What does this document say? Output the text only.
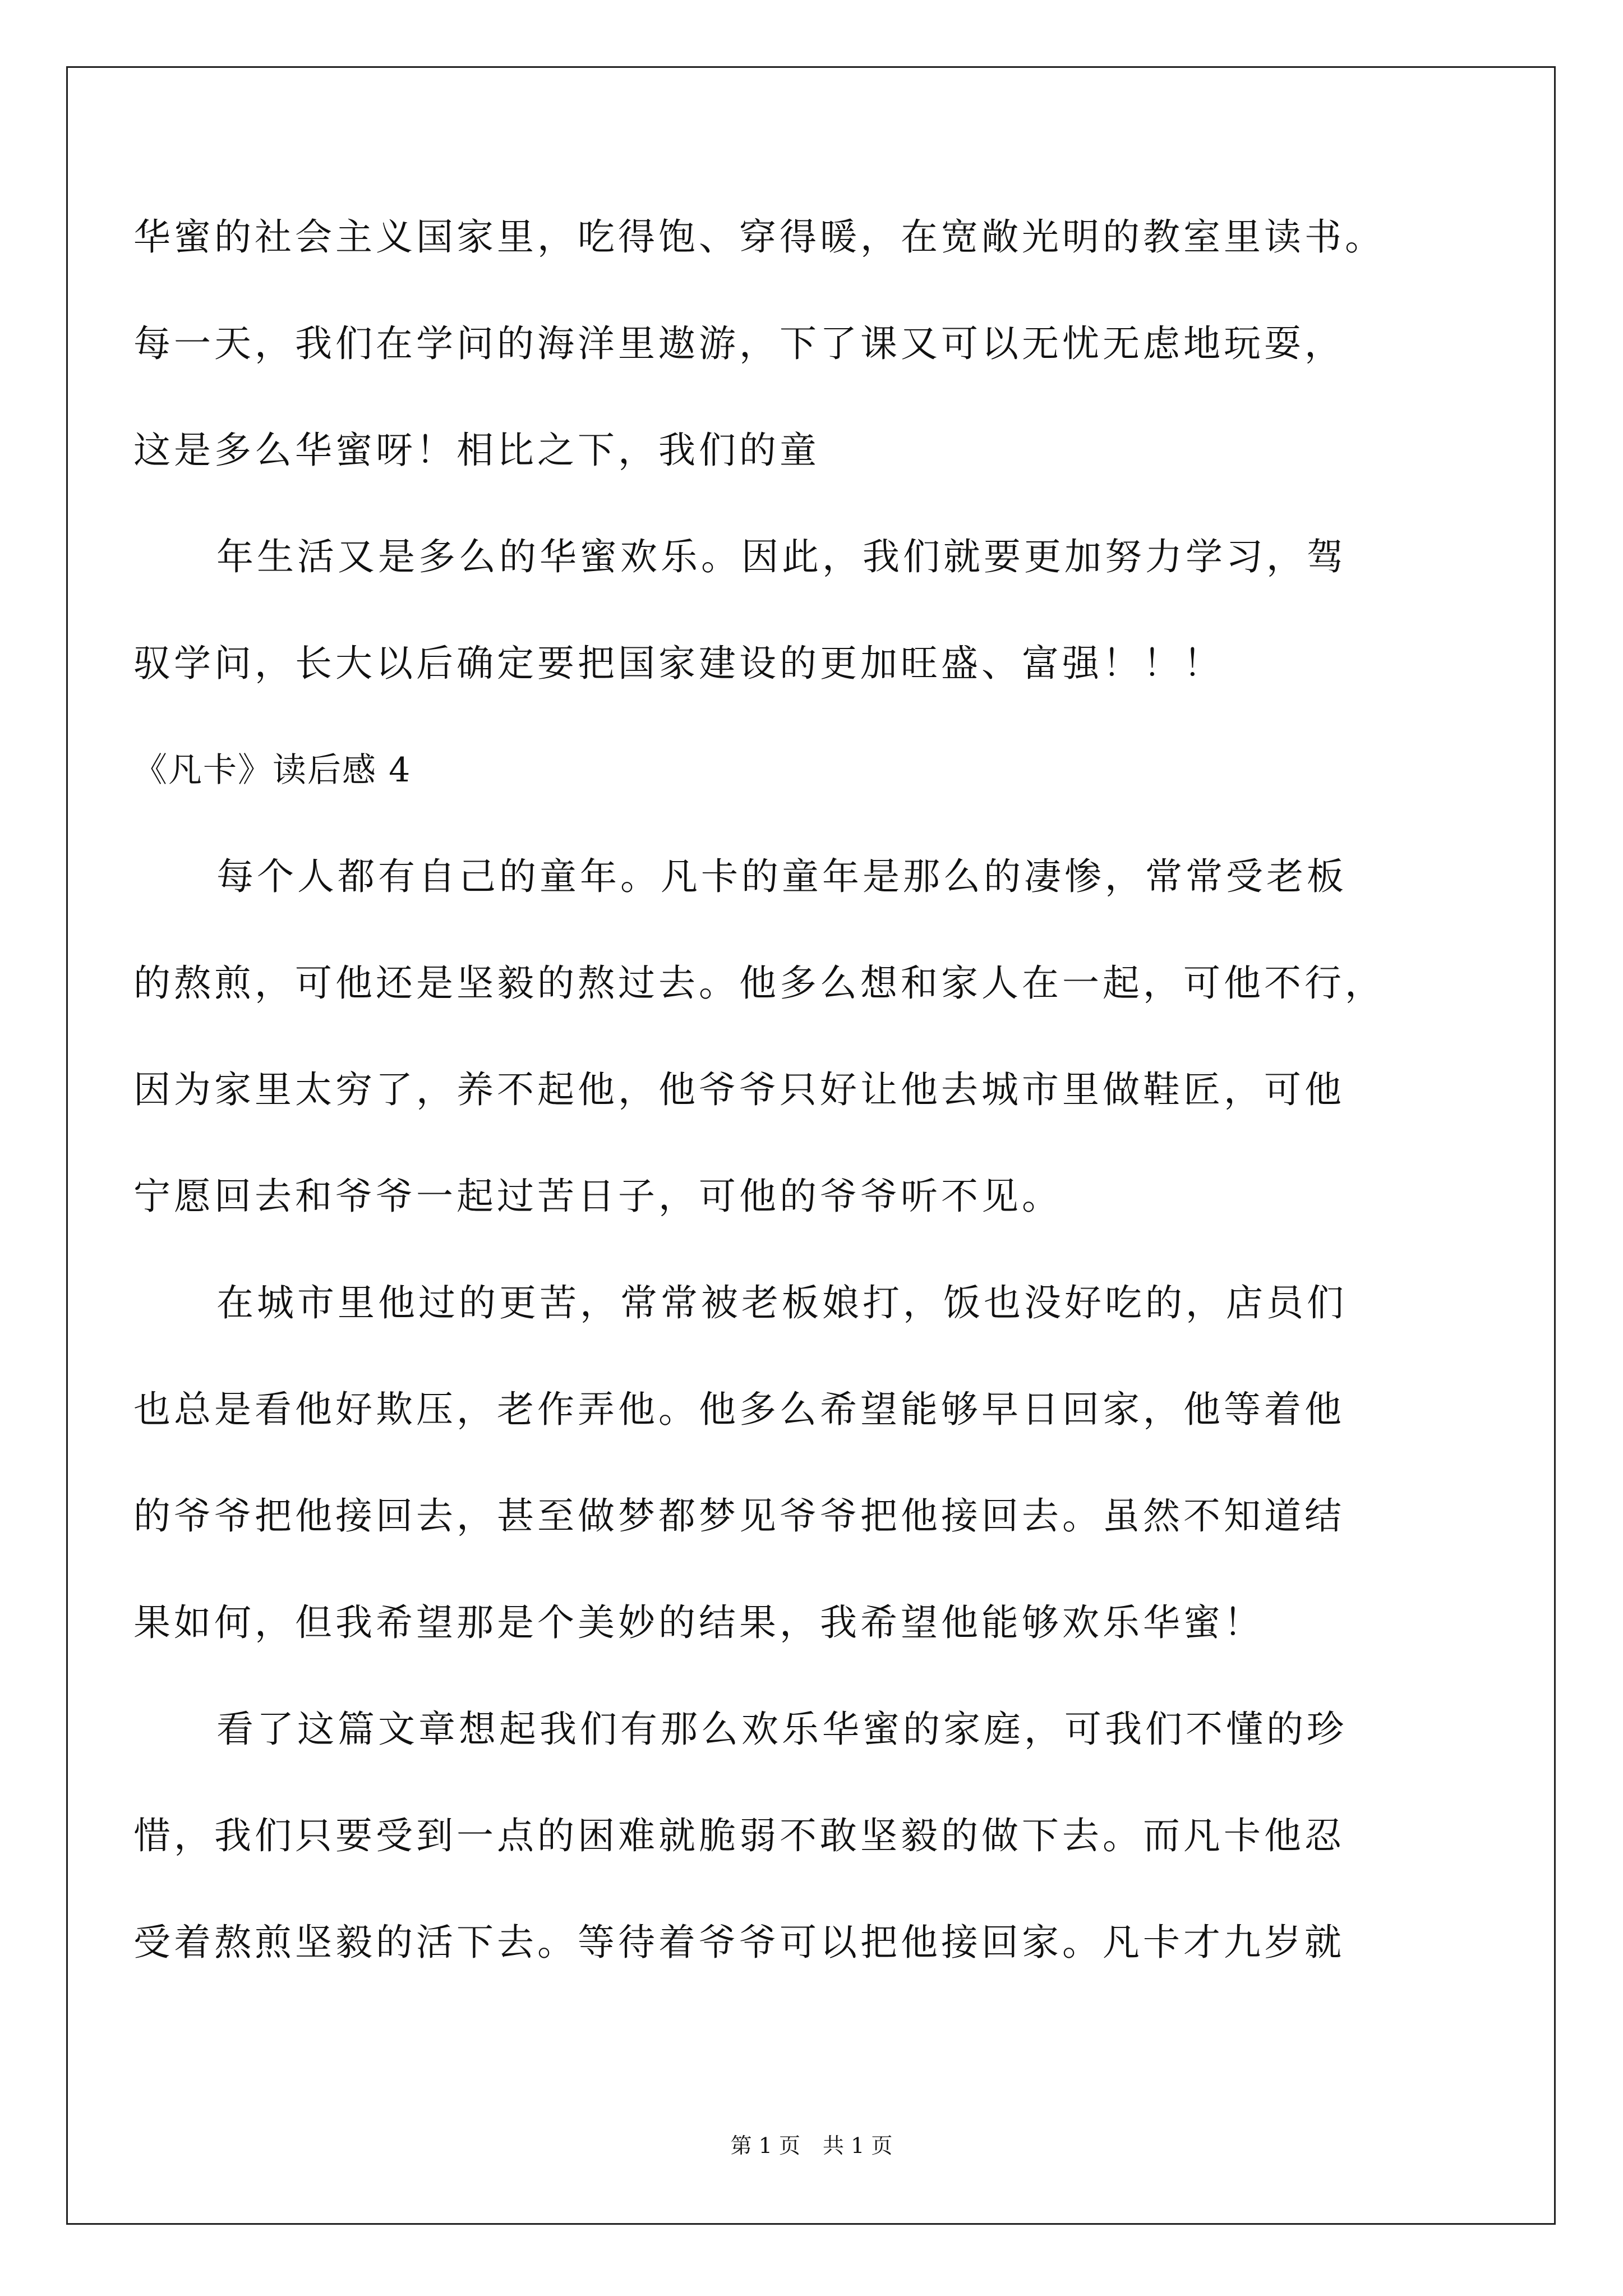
华蜜的社会主义国家里，吃得饱、穿得暖，在宽敞光明的教室里读书。
每一天，我们在学问的海洋里遨游，下了课又可以无忧无虑地玩耍，
这是多么华蜜呀！相比之下，我们的童
年生活又是多么的华蜜欢乐。因此，我们就要更加努力学习，驾
驭学问，长大以后确定要把国家建设的更加旺盛、富强！！！
《凡卡》读后感 4
每个人都有自己的童年。凡卡的童年是那么的凄惨，常常受老板
的熬煎，可他还是坚毅的熬过去。他多么想和家人在一起，可他不行，
因为家里太穷了，养不起他，他爷爷只好让他去城市里做鞋匠，可他
宁愿回去和爷爷一起过苦日子，可他的爷爷听不见。
在城市里他过的更苦，常常被老板娘打，饭也没好吃的，店员们
也总是看他好欺压，老作弄他。他多么希望能够早日回家，他等着他
的爷爷把他接回去，甚至做梦都梦见爷爷把他接回去。虽然不知道结
果如何，但我希望那是个美妙的结果，我希望他能够欢乐华蜜！
看了这篇文章想起我们有那么欢乐华蜜的家庭，可我们不懂的珍
惜，我们只要受到一点的困难就脆弱不敢坚毅的做下去。而凡卡他忍
受着熬煎坚毅的活下去。等待着爷爷可以把他接回家。凡卡才九岁就
第 1 页 共 1 页
